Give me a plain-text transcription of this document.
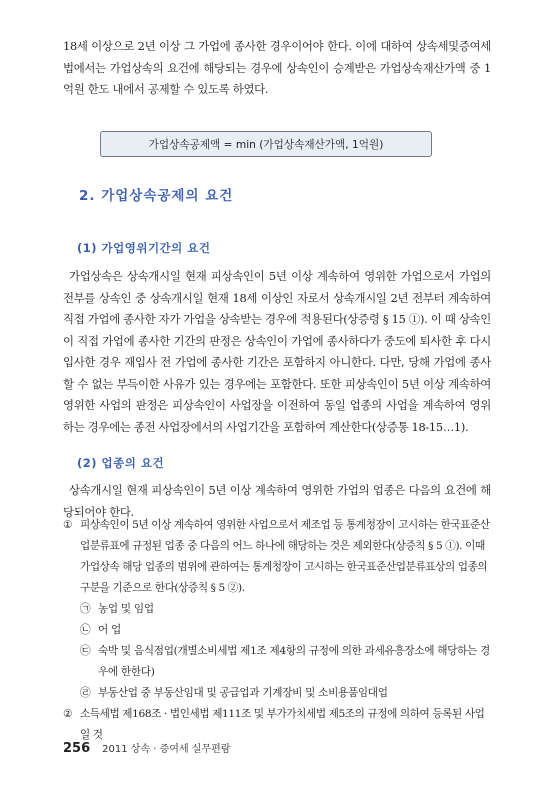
18세 이상으로 2년 이상 그 가업에 종사한 경우이어야 한다. 이에 대하여 상속세및증여세법에서는 가업상속의 요건에 해당되는 경우에 상속인이 승계받은 가업상속재산가액 중 1억원 한도 내에서 공제할 수 있도록 하였다.
가업상속공제액 = min (가업상속재산가액, 1억원)
2. 가업상속공제의 요건
(1) 가업영위기간의 요건
가업상속은 상속개시일 현재 피상속인이 5년 이상 계속하여 영위한 가업으로서 가업의 전부를 상속인 중 상속개시일 현재 18세 이상인 자로서 상속개시일 2년 전부터 계속하여 직접 가업에 종사한 자가 가업을 상속받는 경우에 적용된다(상증령 § 15 ①). 이 때 상속인이 직접 가업에 종사한 기간의 판정은 상속인이 가업에 종사하다가 중도에 퇴사한 후 다시 입사한 경우 재입사 전 가업에 종사한 기간은 포함하지 아니한다. 다만, 당해 가업에 종사할 수 없는 부득이한 사유가 있는 경우에는 포함한다. 또한 피상속인이 5년 이상 계속하여 영위한 사업의 판정은 피상속인이 사업장을 이전하여 동일 업종의 사업을 계속하여 영위하는 경우에는 종전 사업장에서의 사업기간을 포함하여 계산한다(상증통 18-15…1).
(2) 업종의 요건
상속개시일 현재 피상속인이 5년 이상 계속하여 영위한 가업의 업종은 다음의 요건에 해당되어야 한다.
① 피상속인이 5년 이상 계속하여 영위한 사업으로서 제조업 등 통계청장이 고시하는 한국표준산업분류표에 규정된 업종 중 다음의 어느 하나에 해당하는 것은 제외한다(상증칙 § 5 ①). 이때 가업상속 해당 업종의 범위에 관하여는 통계청장이 고시하는 한국표준산업분류표상의 업종의 구분을 기준으로 한다(상증칙 § 5 ②).
㉠ 농업 및 임업
㉡ 어 업
㉢ 숙박 및 음식점업(개별소비세법 제1조 제4항의 규정에 의한 과세유흥장소에 해당하는 경우에 한한다)
㉣ 부동산업 중 부동산임대 및 공급업과 기계장비 및 소비용품임대업
② 소득세법 제168조 · 법인세법 제111조 및 부가가치세법 제5조의 규정에 의하여 등록된 사업일 것
256 2011 상속 · 증여세 실무편람
